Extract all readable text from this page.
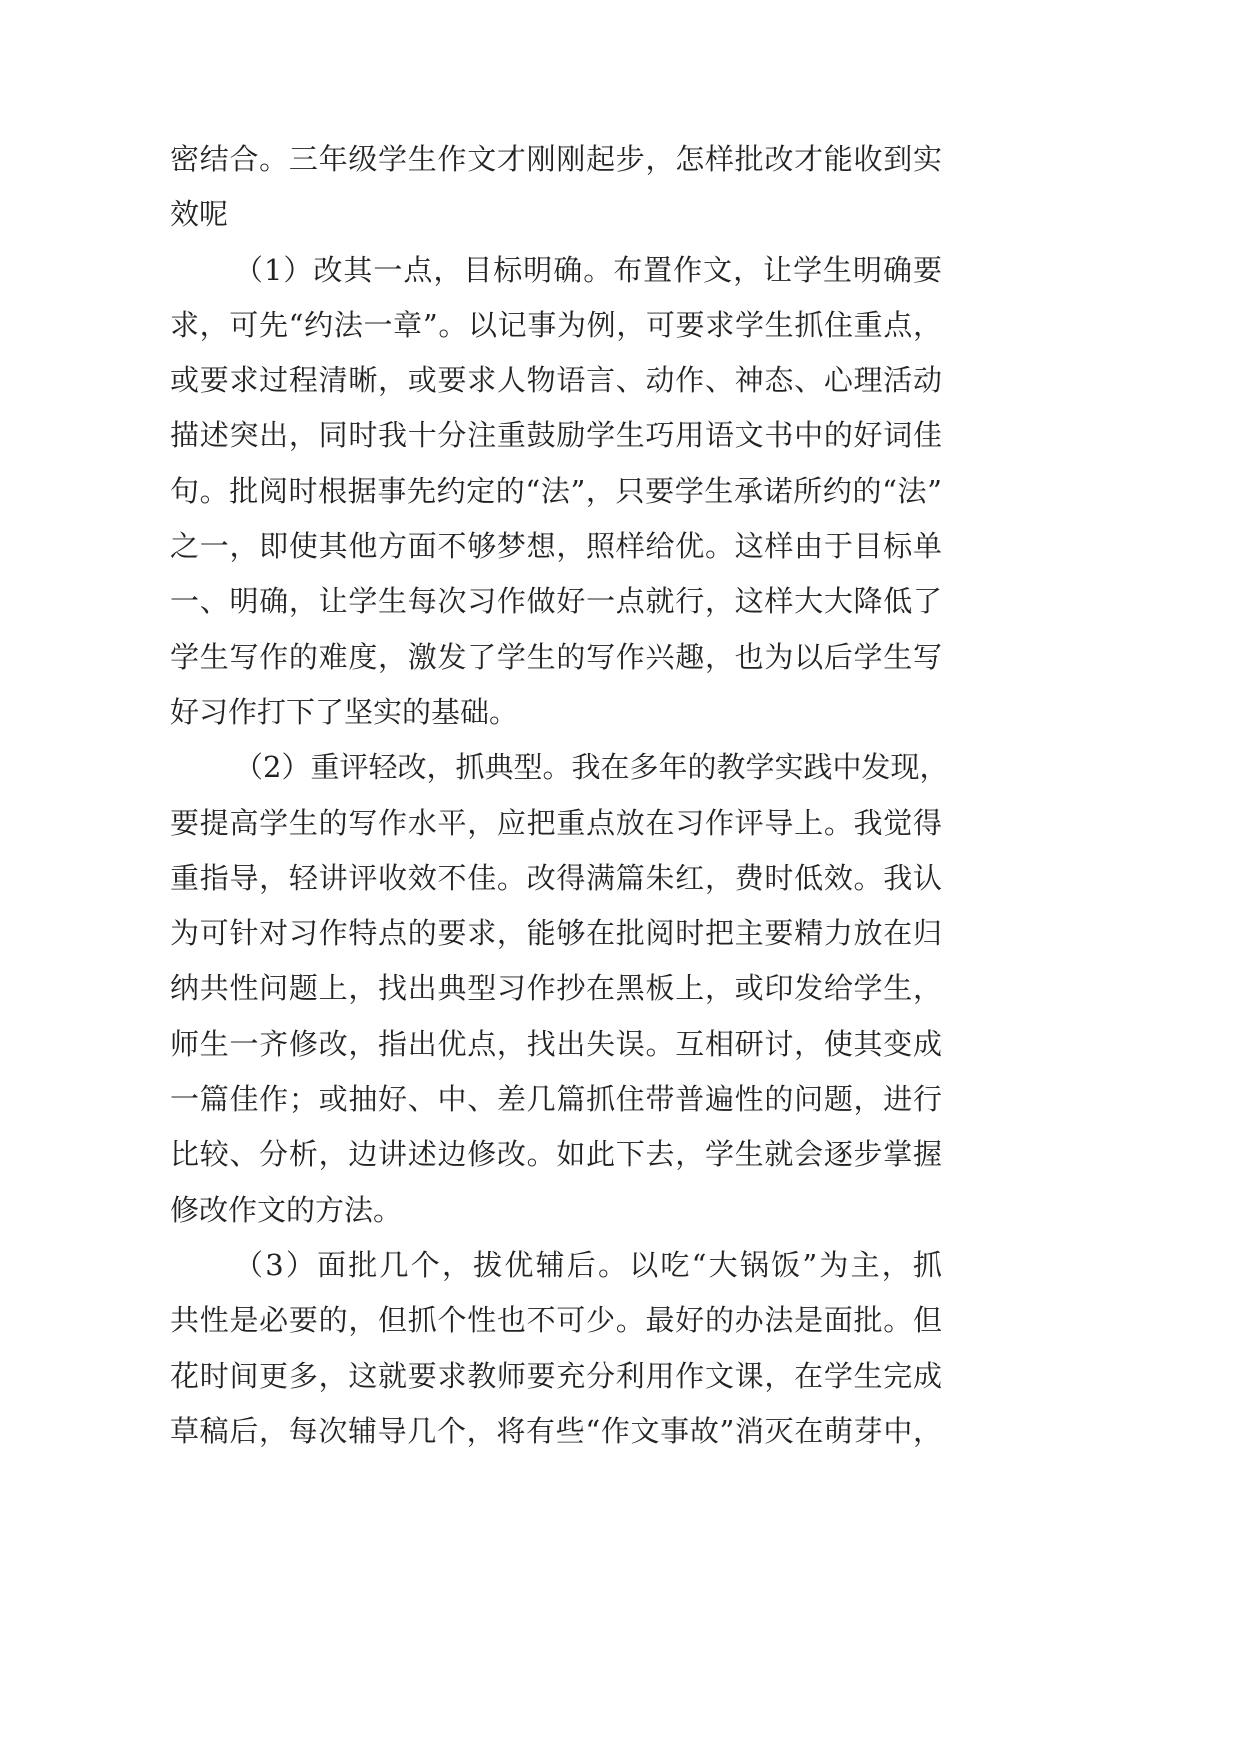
密结合。三年级学生作文才刚刚起步，怎样批改才能收到实
效呢
（1）改其一点，目标明确。布置作文，让学生明确要
求，可先“约法一章”。以记事为例，可要求学生抓住重点，
或要求过程清晰，或要求人物语言、动作、神态、心理活动
描述突出，同时我十分注重鼓励学生巧用语文书中的好词佳
句。批阅时根据事先约定的“法”，只要学生承诺所约的“法”
之一，即使其他方面不够梦想，照样给优。这样由于目标单
一、明确，让学生每次习作做好一点就行，这样大大降低了
学生写作的难度，激发了学生的写作兴趣，也为以后学生写
好习作打下了坚实的基础。
（2）重评轻改，抓典型。我在多年的教学实践中发现，
要提高学生的写作水平，应把重点放在习作评导上。我觉得
重指导，轻讲评收效不佳。改得满篇朱红，费时低效。我认
为可针对习作特点的要求，能够在批阅时把主要精力放在归
纳共性问题上，找出典型习作抄在黑板上，或印发给学生，
师生一齐修改，指出优点，找出失误。互相研讨，使其变成
一篇佳作；或抽好、中、差几篇抓住带普遍性的问题，进行
比较、分析，边讲述边修改。如此下去，学生就会逐步掌握
修改作文的方法。
（3）面批几个，拔优辅后。以吃“大锅饭”为主，抓
共性是必要的，但抓个性也不可少。最好的办法是面批。但
花时间更多，这就要求教师要充分利用作文课，在学生完成
草稿后，每次辅导几个，将有些“作文事故”消灭在萌芽中，
